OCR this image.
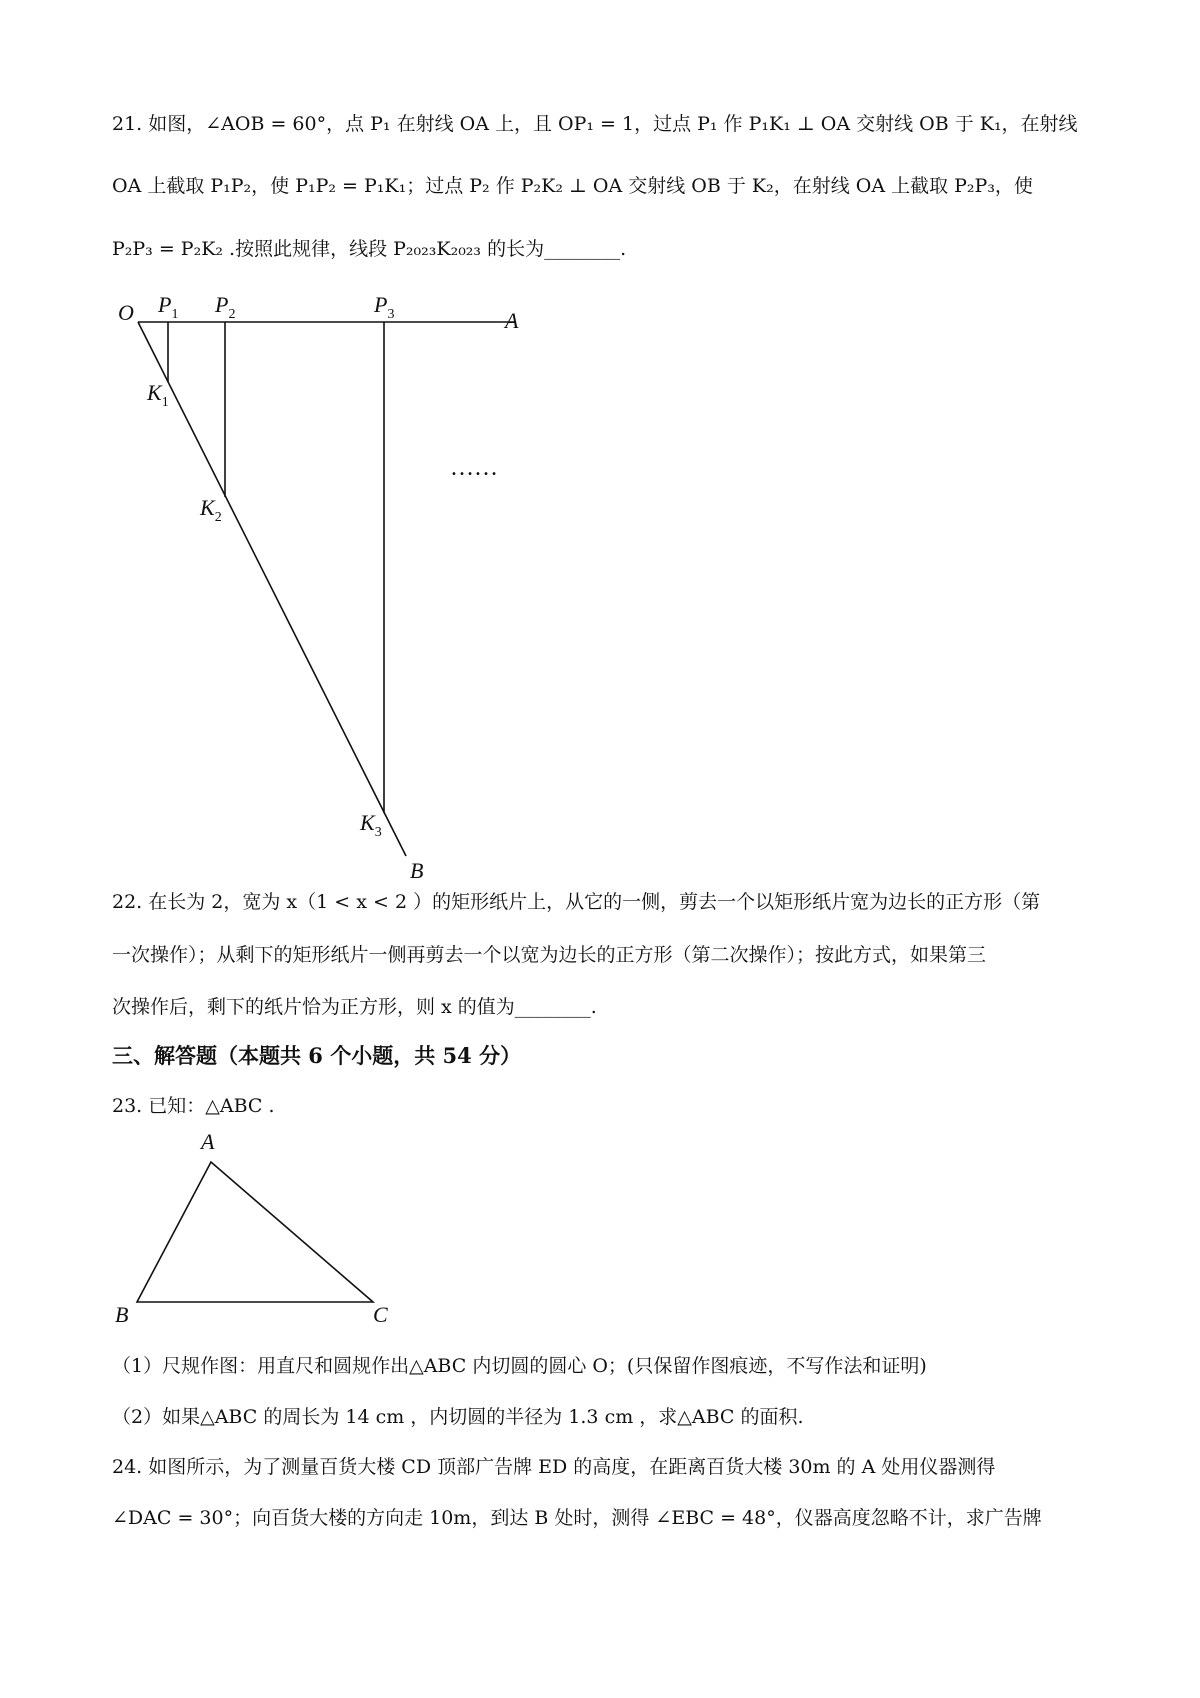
21. 如图，∠AOB = 60°，点 P₁ 在射线 OA 上，且 OP₁ = 1，过点 P₁ 作 P₁K₁ ⊥ OA 交射线 OB 于 K₁，在射线
OA 上截取 P₁P₂，使 P₁P₂ = P₁K₁；过点 P₂ 作 P₂K₂ ⊥ OA 交射线 OB 于 K₂，在射线 OA 上截取 P₂P₃，使
P₂P₃ = P₂K₂ .按照此规律，线段 P₂₀₂₃K₂₀₂₃ 的长为________.
O	A
B
$P_1$ $P_2$	$P_3$
$K_1$
$K_2$
$K_3$
……
22. 在长为 2，宽为 x（1 < x < 2 ）的矩形纸片上，从它的一侧，剪去一个以矩形纸片宽为边长的正方形（第
一次操作）；从剩下的矩形纸片一侧再剪去一个以宽为边长的正方形（第二次操作）；按此方式，如果第三
次操作后，剩下的纸片恰为正方形，则 x 的值为________.
三、解答题（本题共 6 个小题，共 54 分）
23. 已知：△ABC .
A
B	C
（1）尺规作图：用直尺和圆规作出△ABC 内切圆的圆心 O；(只保留作图痕迹，不写作法和证明)
（2）如果△ABC 的周长为 14 cm ，内切圆的半径为 1.3 cm ，求△ABC 的面积.
24. 如图所示，为了测量百货大楼 CD 顶部广告牌 ED 的高度，在距离百货大楼 30m 的 A 处用仪器测得
∠DAC = 30°；向百货大楼的方向走 10m，到达 B 处时，测得 ∠EBC = 48°，仪器高度忽略不计，求广告牌
